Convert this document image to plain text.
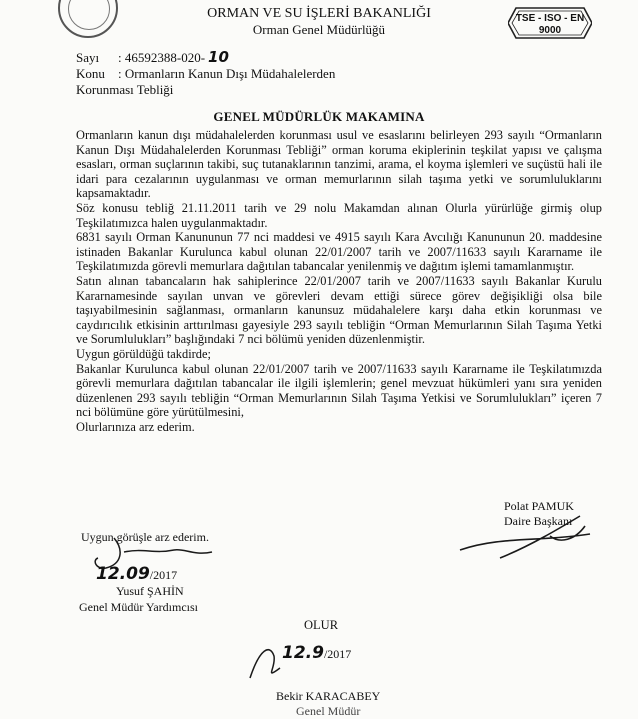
ORMAN VE SU İŞLERİ BAKANLIĞI
Orman Genel Müdürlüğü
TSE - ISO - EN
9000
Sayı : 46592388-020- 10
Konu : Ormanların Kanun Dışı Müdahalelerden
Korunması Tebliği
GENEL MÜDÜRLÜK MAKAMINA

Ormanların kanun dışı müdahalelerden korunması usul ve esaslarını belirleyen 293 sayılı “Ormanların Kanun Dışı Müdahalelerden Korunması Tebliği” orman koruma ekiplerinin teşkilat yapısı ve çalışma esasları, orman suçlarının takibi, suç tutanaklarının tanzimi, arama, el koyma işlemleri ve suçüstü hali ile idari para cezalarının uygulanması ve orman memurlarının silah taşıma yetki ve sorumluluklarını kapsamaktadır.

Söz konusu tebliğ 21.11.2011 tarih ve 29 nolu Makamdan alınan Olurla yürürlüğe girmiş olup Teşkilatımızca halen uygulanmaktadır.

6831 sayılı Orman Kanununun 77 nci maddesi ve 4915 sayılı Kara Avcılığı Kanununun 20. maddesine istinaden Bakanlar Kurulunca kabul olunan 22/01/2007 tarih ve 2007/11633 sayılı Kararname ile Teşkilatımızda görevli memurlara dağıtılan tabancalar yenilenmiş ve dağıtım işlemi tamamlanmıştır.

Satın alınan tabancaların hak sahiplerince 22/01/2007 tarih ve 2007/11633 sayılı Bakanlar Kurulu Kararnamesinde sayılan unvan ve görevleri devam ettiği sürece görev değişikliği olsa bile taşıyabilmesinin sağlanması, ormanların kanunsuz müdahalelere karşı daha etkin korunması ve caydırıcılık etkisinin arttırılması gayesiyle 293 sayılı tebliğin “Orman Memurlarının Silah Taşıma Yetki ve Sorumlulukları” başlığındaki 7 nci bölümü yeniden düzenlenmiştir.

Uygun görüldüğü takdirde;

Bakanlar Kurulunca kabul olunan 22/01/2007 tarih ve 2007/11633 sayılı Kararname ile Teşkilatımızda görevli memurlara dağıtılan tabancalar ile ilgili işlemlerin; genel mevzuat hükümleri yanı sıra yeniden düzenlenen 293 sayılı tebliğin “Orman Memurlarının Silah Taşıma Yetkisi ve Sorumlulukları” içeren 7 nci bölümüne göre yürütülmesini,

Olurlarınıza arz ederim.

Polat PAMUK
Daire Başkanı
Uygun görüşle arz ederim.
12.09/2017
Yusuf ŞAHİN
Genel Müdür Yardımcısı
OLUR
12.9/2017
Bekir KARACABEY
Genel Müdür
